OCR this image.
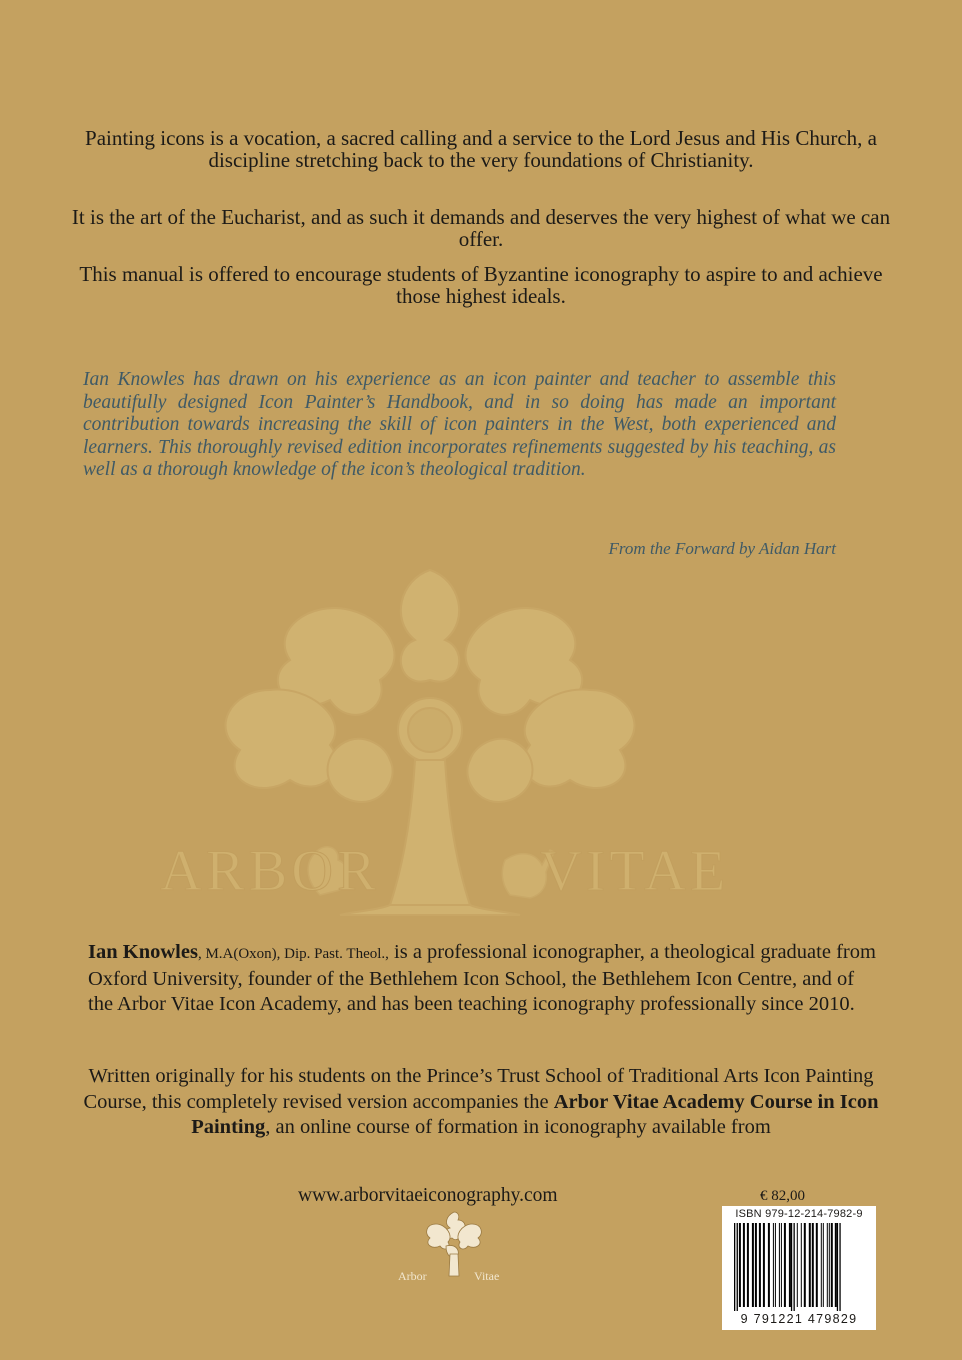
Painting icons is a vocation, a sacred calling and a service to the Lord Jesus and His Church, a discipline stretching back to the very foundations of Christianity.
It is the art of the Eucharist, and as such it demands and deserves the very highest of what we can offer.
This manual is offered to encourage students of Byzantine iconography to aspire to and achieve those highest ideals.
Ian Knowles has drawn on his experience as an icon painter and teacher to assemble this beautifully designed Icon Painter’s Handbook, and in so doing has made an important contribution towards increasing the skill of icon painters in the West, both experienced and learners. This thoroughly revised edition incorporates refinements suggested by his teaching, as well as a thorough knowledge of the icon’s theological tradition.
From the Forward by Aidan Hart
ARBOR	VITAE
Ian Knowles, M.A(Oxon), Dip. Past. Theol., is a professional iconographer, a theological graduate from Oxford University, founder of the Bethlehem Icon School, the Bethlehem Icon Centre, and of the Arbor Vitae Icon Academy, and has been teaching iconography professionally since 2010.
Written originally for his students on the Prince’s Trust School of Traditional Arts Icon Painting Course, this completely revised version accompanies the Arbor Vitae Academy Course in Icon Painting, an online course of formation in iconography available from
www.arborvitaeiconography.com
Arbor	Vitae
€ 82,00
ISBN 979-12-214-7982-9
9 791221 479829
